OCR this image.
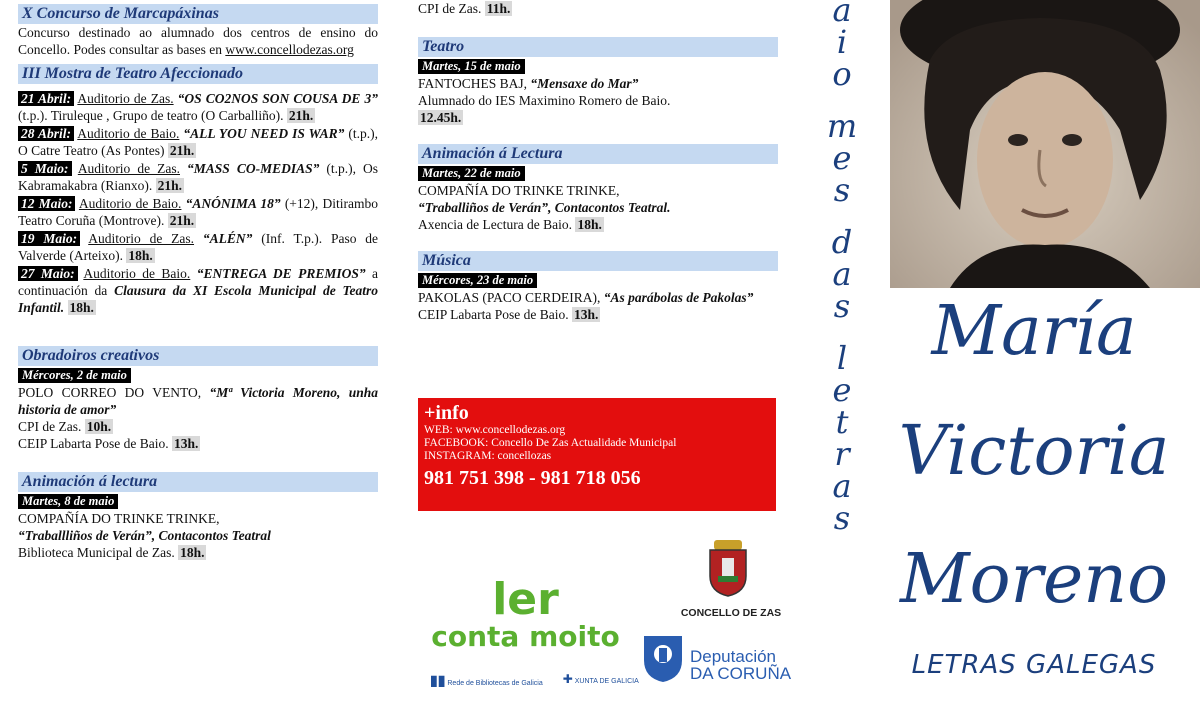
X Concurso de Marcapáxinas

Concurso destinado ao alumnado dos centros de ensino do Concello. Podes consultar as bases en www.concellodezas.org

III Mostra de Teatro Afeccionado

21 Abril: Auditorio de Zas. “OS CO2NOS SON COUSA DE 3” (t.p.). Tiruleque , Grupo de teatro (O Carballiño). 21h.

28 Abril: Auditorio de Baio. “ALL YOU NEED IS WAR” (t.p.), O Catre Teatro (As Pontes) 21h.

5 Maio: Auditorio de Zas. “MASS CO-MEDIAS” (t.p.), Os Kabramakabra (Rianxo). 21h.

12 Maio: Auditorio de Baio. “ANÓNIMA 18” (+12), Ditirambo Teatro Coruña (Montrove). 21h.

19 Maio: Auditorio de Zas. “ALÉN” (Inf. T.p.). Paso de Valverde (Arteixo). 18h.

27 Maio: Auditorio de Baio. “ENTREGA DE PREMIOS” a continuación da Clausura da XI Escola Municipal de Teatro Infantil. 18h.

Obradoiros creativos
Mércores, 2 de maio

POLO CORREO DO VENTO, “Mª Victoria Moreno, unha historia de amor”

CPI de Zas. 10h.

CEIP Labarta Pose de Baio. 13h.

Animación á lectura
Martes, 8 de maio

COMPAÑÍA DO TRINKE TRINKE,

“Traballliños de Verán”, Contacontos Teatral

Biblioteca Municipal de Zas. 18h.

CPI de Zas. 11h.

Teatro
Martes, 15 de maio

FANTOCHES BAJ, “Mensaxe do Mar”

Alumnado do IES Maximino Romero de Baio.

12.45h.

Animación á Lectura
Martes, 22 de maio

COMPAÑÍA DO TRINKE TRINKE,

“Traballiños de Verán”, Contacontos Teatral.

Axencia de Lectura de Baio. 18h.

Música
Mércores, 23 de maio

PAKOLAS (PACO CERDEIRA), “As parábolas de Pakolas”

CEIP Labarta Pose de Baio. 13h.

+info
WEB: www.concellodezas.org
FACEBOOK: Concello De Zas Actualidade Municipal
INSTAGRAM: concellozas
981 751 398 - 981 718 056
ler
conta moito
▮▮ Rede de Bibliotecas de Galicia ✚ XUNTA DE GALICIA
CONCELLO DE ZAS
Deputación
DA CORUÑA
a
i
o
m
e
s
d
a
s
l
e
t
r
a
s
María
Victoria
Moreno
LETRAS GALEGAS
